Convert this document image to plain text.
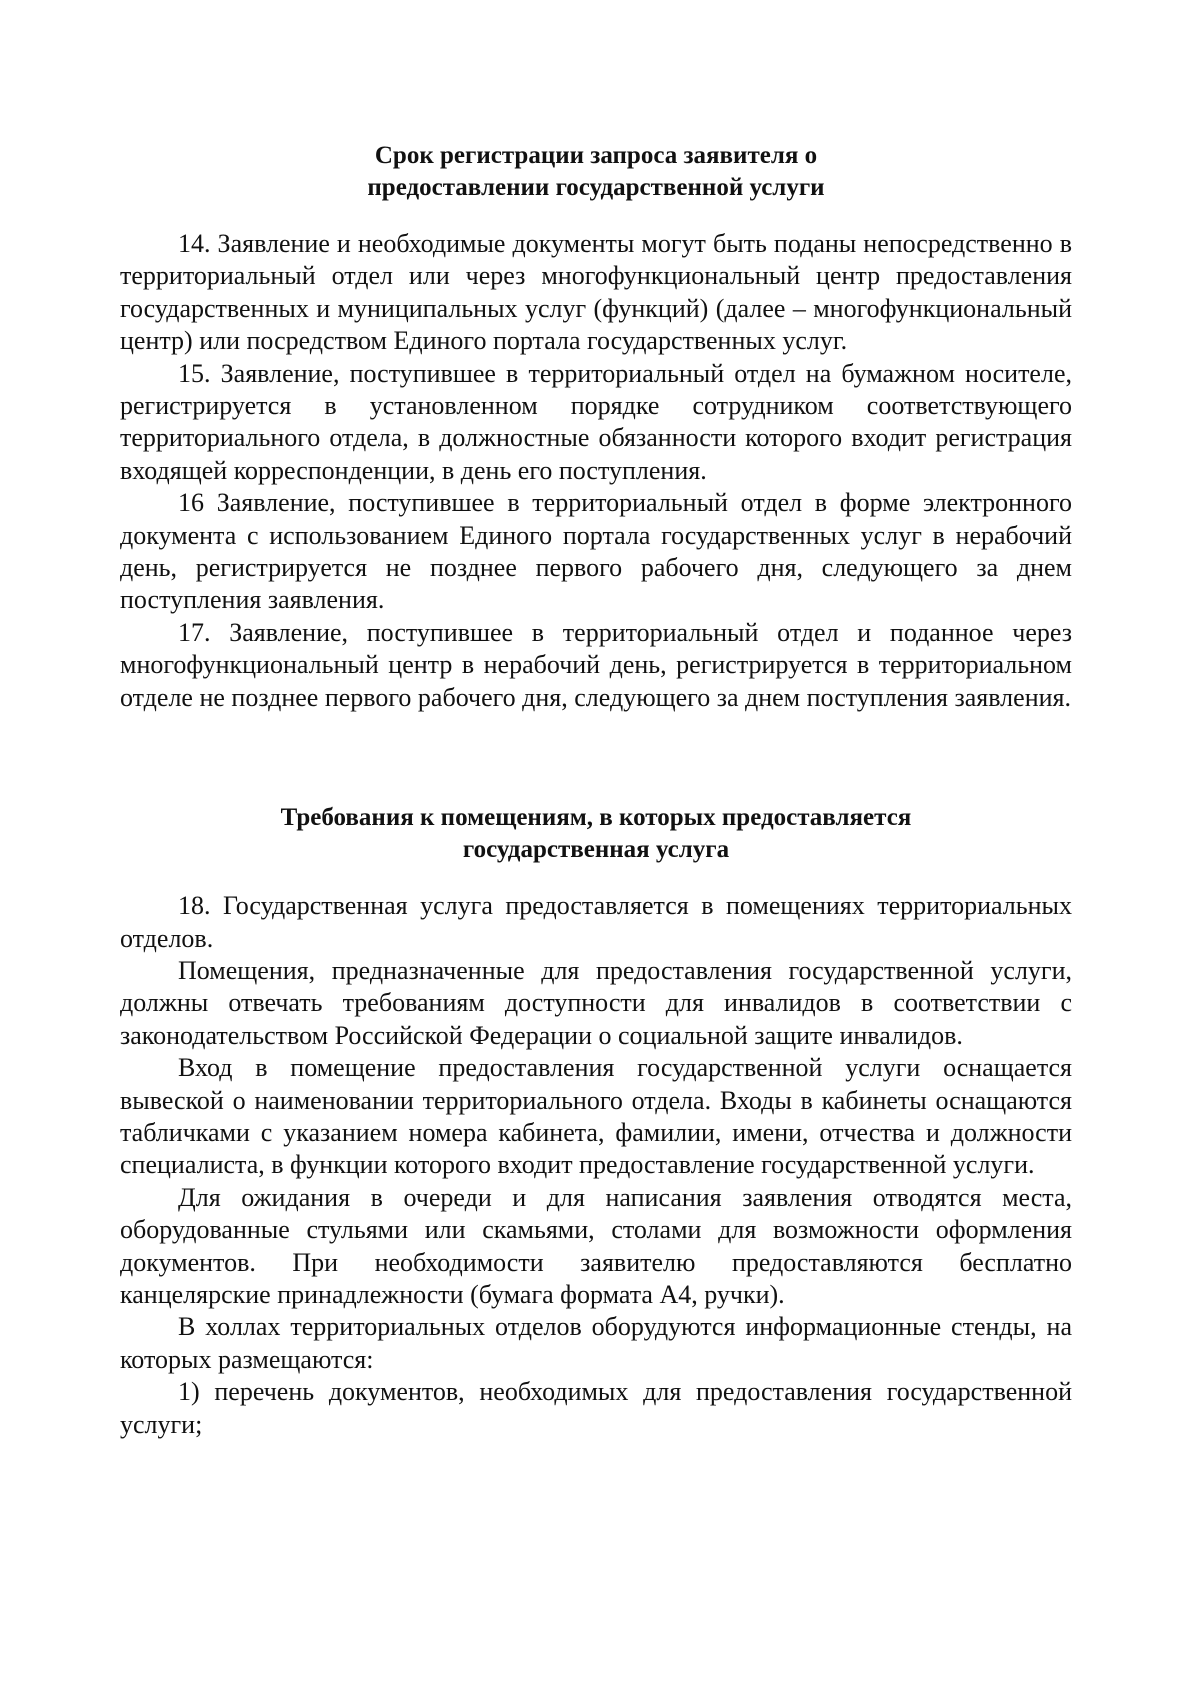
Срок регистрации запроса заявителя о
предоставлении государственной услуги

14. Заявление и необходимые документы могут быть поданы непосредственно в территориальный отдел или через многофункциональный центр предоставления государственных и муниципальных услуг (функций) (далее – многофункциональный центр) или посредством Единого портала государственных услуг.

15. Заявление, поступившее в территориальный отдел на бумажном носителе, регистрируется в установленном порядке сотрудником соответствующего территориального отдела, в должностные обязанности которого входит регистрация входящей корреспонденции, в день его поступления.

16 Заявление, поступившее в территориальный отдел в форме электронного документа с использованием Единого портала государственных услуг в нерабочий день, регистрируется не позднее первого рабочего дня, следующего за днем поступления заявления.

17. Заявление, поступившее в территориальный отдел и поданное через многофункциональный центр в нерабочий день, регистрируется в территориальном отделе не позднее первого рабочего дня, следующего за днем поступления заявления.

Требования к помещениям, в которых предоставляется
государственная услуга

18. Государственная услуга предоставляется в помещениях территориальных отделов.

Помещения, предназначенные для предоставления государственной услуги, должны отвечать требованиям доступности для инвалидов в соответствии с законодательством Российской Федерации о социальной защите инвалидов.

Вход в помещение предоставления государственной услуги оснащается вывеской о наименовании территориального отдела. Входы в кабинеты оснащаются табличками с указанием номера кабинета, фамилии, имени, отчества и должности специалиста, в функции которого входит предоставление государственной услуги.

Для ожидания в очереди и для написания заявления отводятся места, оборудованные стульями или скамьями, столами для возможности оформления документов. При необходимости заявителю предоставляются бесплатно канцелярские принадлежности (бумага формата А4, ручки).

В холлах территориальных отделов оборудуются информационные стенды, на которых размещаются:

1) перечень документов, необходимых для предоставления государственной услуги;
